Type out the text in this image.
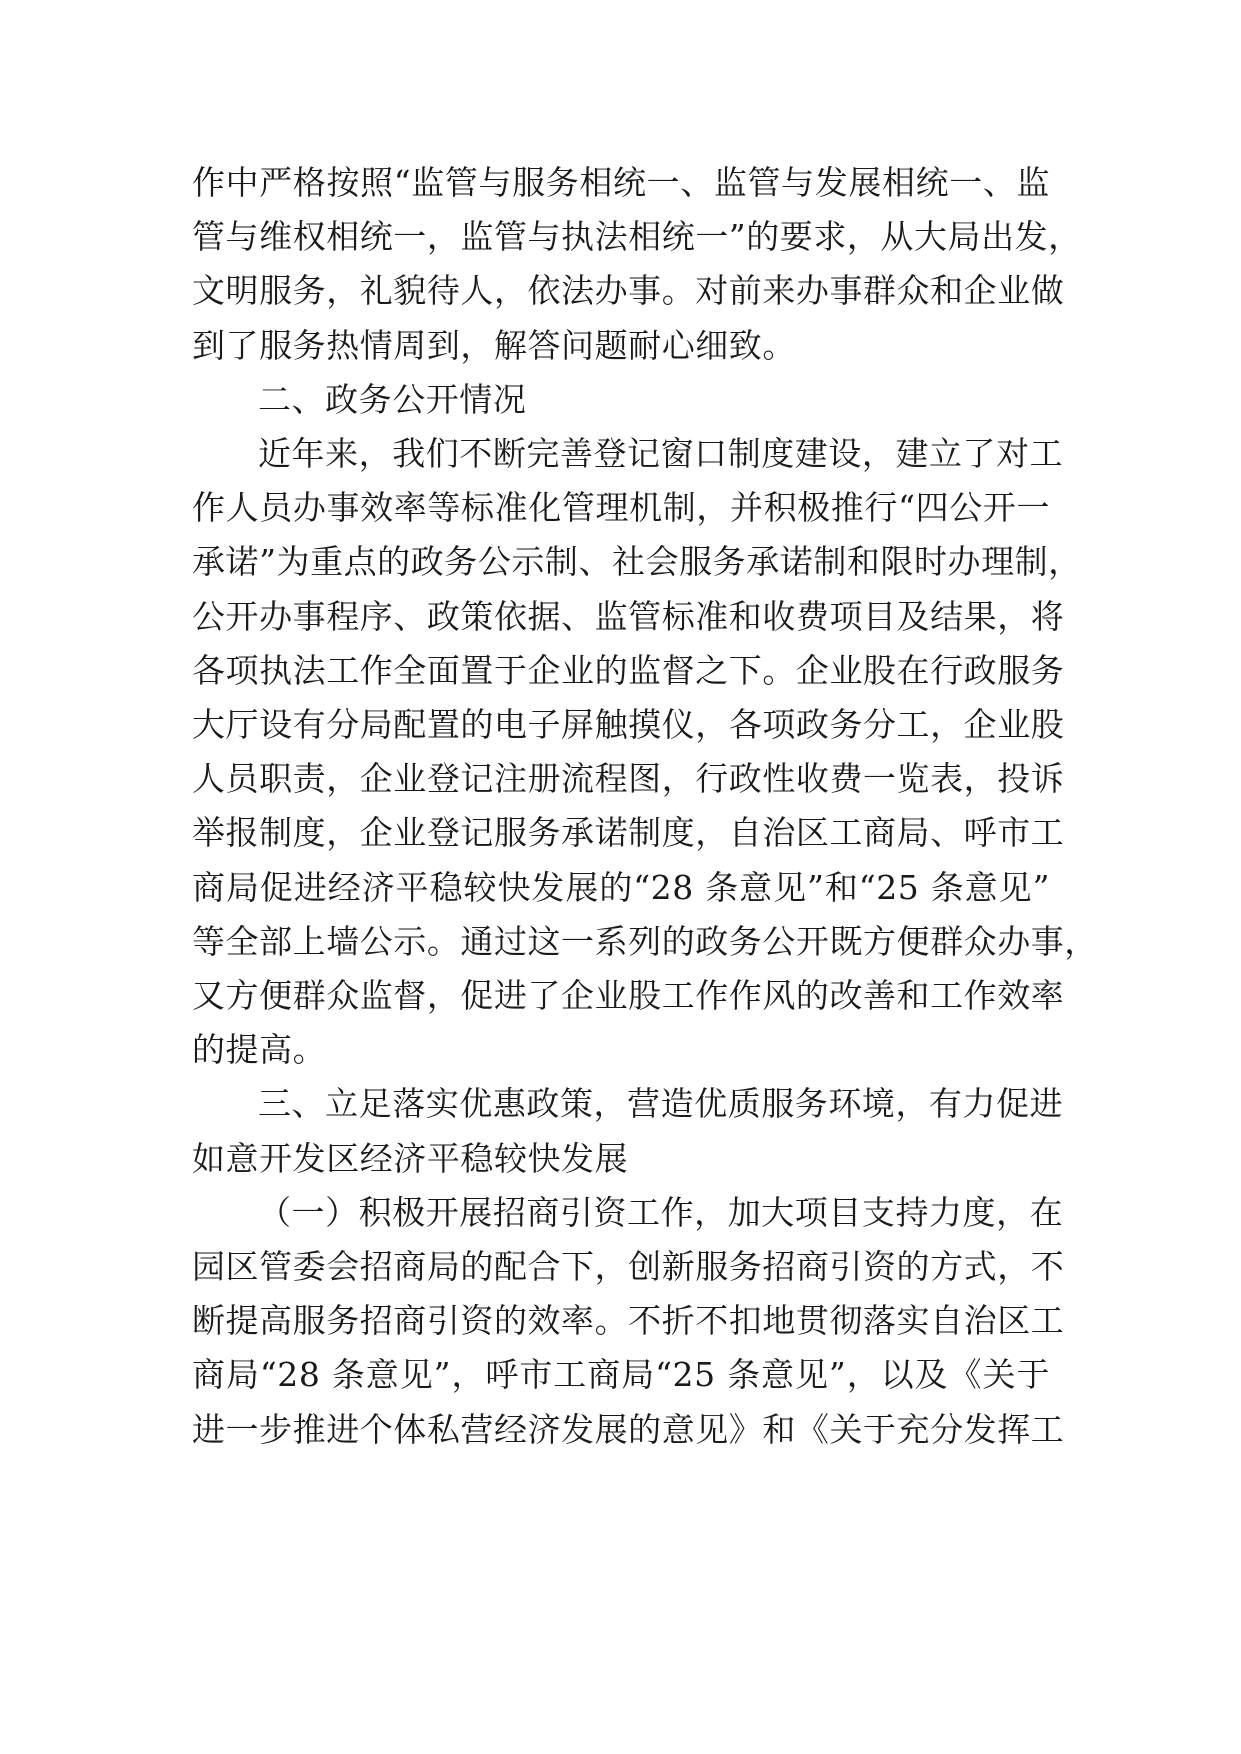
作中严格按照“监管与服务相统一、监管与发展相统一、监
管与维权相统一，监管与执法相统一”的要求，从大局出发，
文明服务，礼貌待人，依法办事。对前来办事群众和企业做
到了服务热情周到，解答问题耐心细致。
二、政务公开情况
近年来，我们不断完善登记窗口制度建设，建立了对工
作人员办事效率等标准化管理机制，并积极推行“四公开一
承诺”为重点的政务公示制、社会服务承诺制和限时办理制，
公开办事程序、政策依据、监管标准和收费项目及结果，将
各项执法工作全面置于企业的监督之下。企业股在行政服务
大厅设有分局配置的电子屏触摸仪，各项政务分工，企业股
人员职责，企业登记注册流程图，行政性收费一览表，投诉
举报制度，企业登记服务承诺制度，自治区工商局、呼市工
商局促进经济平稳较快发展的“28 条意见”和“25 条意见”
等全部上墙公示。通过这一系列的政务公开既方便群众办事，
又方便群众监督，促进了企业股工作作风的改善和工作效率
的提高。
三、立足落实优惠政策，营造优质服务环境，有力促进
如意开发区经济平稳较快发展
（一）积极开展招商引资工作，加大项目支持力度，在
园区管委会招商局的配合下，创新服务招商引资的方式，不
断提高服务招商引资的效率。不折不扣地贯彻落实自治区工
商局“28 条意见”，呼市工商局“25 条意见”，以及《关于
进一步推进个体私营经济发展的意见》和《关于充分发挥工
